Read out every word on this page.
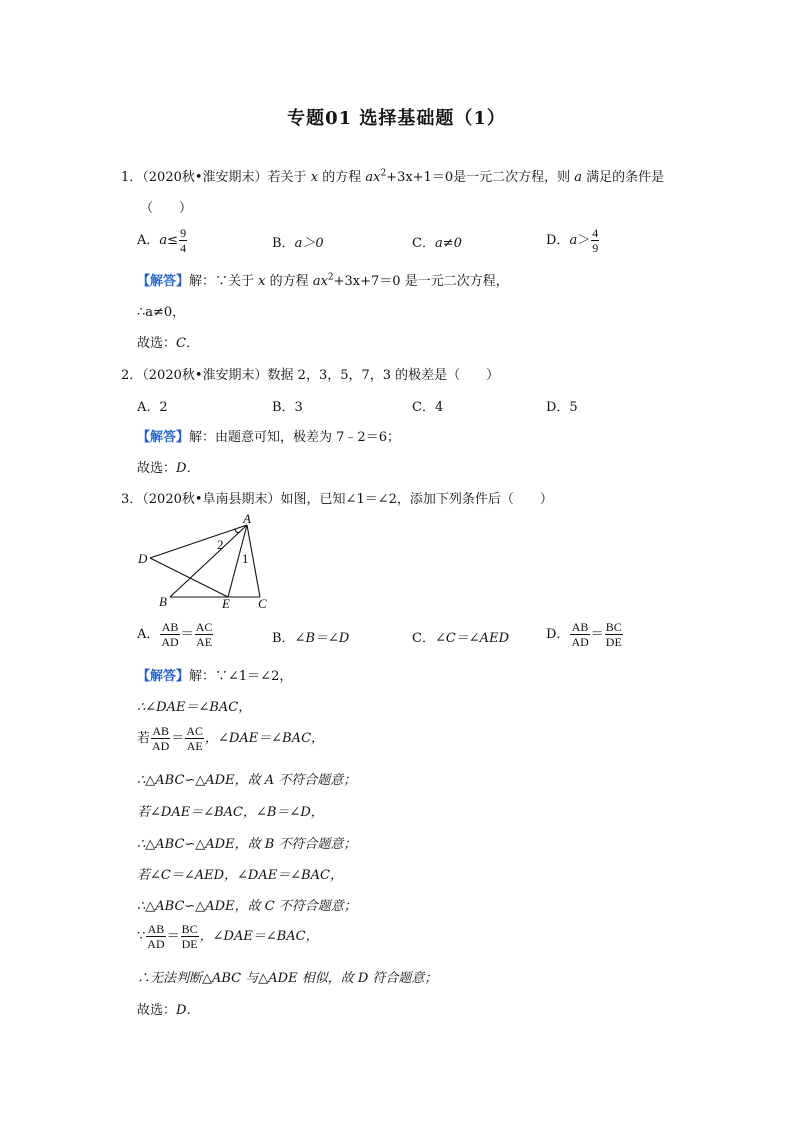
专题01 选择基础题（1）
1．（2020秋•淮安期末）若关于 x 的方程 $ax^2+3x+1=0$是一元二次方程，则 a 满足的条件是
（　　）
A．$a\le \frac{9}{4}$	B．a＞0	C．a≠0	D．$a> \frac{4}{9}$
【解答】解：∵关于 x 的方程 $ax^2+3x+7=0$ 是一元二次方程，
∴a≠0，
故选：C．
2．（2020秋•淮安期末）数据 2，3，5，7，3 的极差是（　　）
A．2	B．3	C．4	D．5
【解答】解：由题意可知，极差为 7﹣2＝6；
故选：D．
3．（2020秋•阜南县期末）如图，已知∠1＝∠2，添加下列条件后（　　）
A
D
B	E C
2
1
A． $\frac{AB}{AD} = \frac{AC}{AE}$	B．∠B＝∠D	C．∠C＝∠AED	D． $\frac{AB}{AD} = \frac{BC}{DE}$
【解答】解：∵∠1＝∠2，
∴∠DAE＝∠BAC，
若 $\frac{AB}{AD} = \frac{AC}{AE}$ ，∠DAE＝∠BAC，
∴△ABC∽△ADE，故 A 不符合题意；
若∠DAE＝∠BAC，∠B＝∠D，
∴△ABC∽△ADE，故 B 不符合题意；
若∠C＝∠AED，∠DAE＝∠BAC，
∴△ABC∽△ADE，故 C 不符合题意；
∵ $\frac{AB}{AD} = \frac{BC}{DE}$ ，∠DAE＝∠BAC，
∴无法判断△ABC 与△ADE 相似，故 D 符合题意；
故选：D．
